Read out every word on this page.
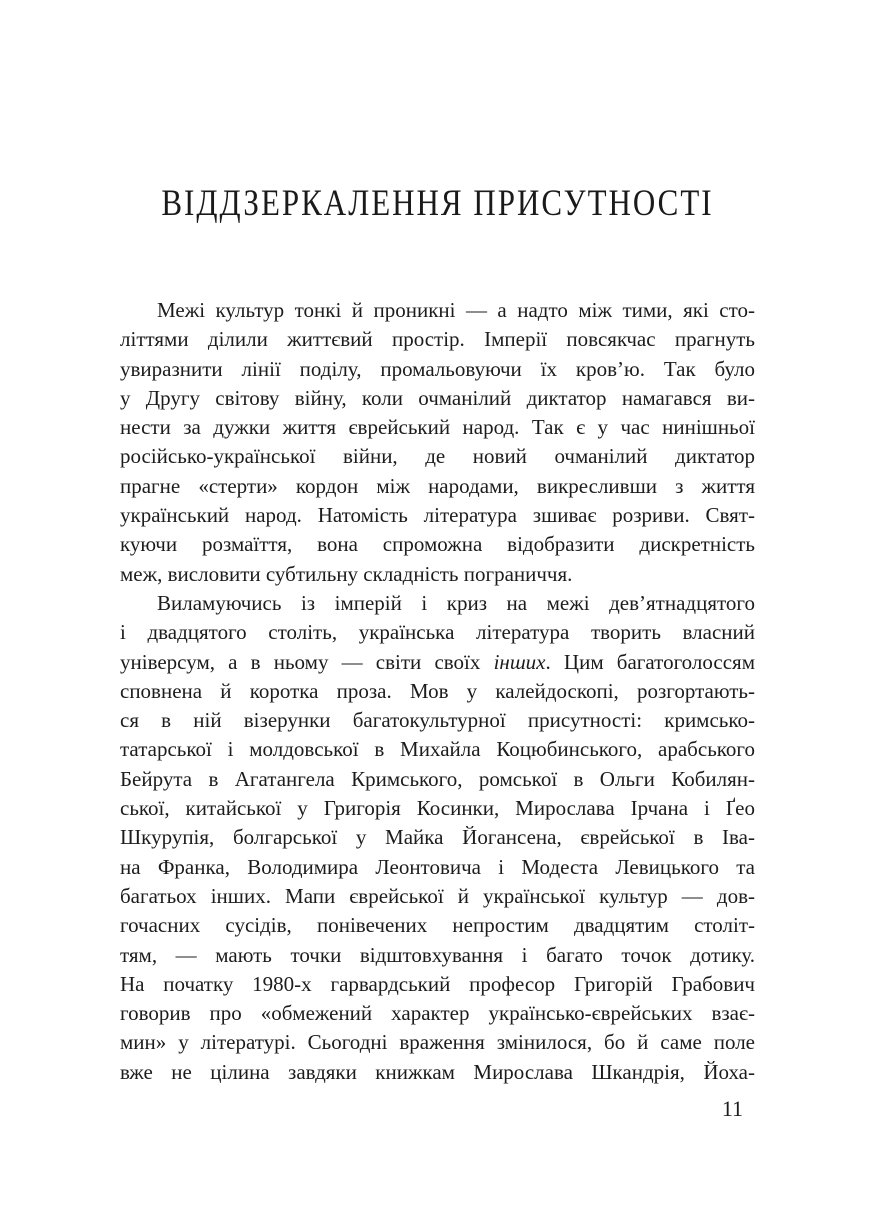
ВІДДЗЕРКАЛЕННЯ ПРИСУТНОСТІ
Межі культур тонкі й проникні — а надто між тими, які сто-
літтями ділили життєвий простір. Імперії повсякчас прагнуть
увиразнити лінії поділу, промальовуючи їх кров’ю. Так було
у Другу світову війну, коли очманілий диктатор намагався ви-
нести за дужки життя єврейський народ. Так є у час нинішньої
російсько-української війни, де новий очманілий диктатор
прагне «стерти» кордон між народами, викресливши з життя
український народ. Натомість література зшиває розриви. Свят-
куючи розмаїття, вона спроможна відобразити дискретність
меж, висловити субтильну складність пограниччя.
Виламуючись із імперій і криз на межі дев’ятнадцятого
і двадцятого століть, українська література творить власний
універсум, а в ньому — світи своїх інших. Цим багатоголоссям
сповнена й коротка проза. Мов у калейдоскопі, розгортають-
ся в ній візерунки багатокультурної присутності: кримсько-
татарської і молдовської в Михайла Коцюбинського, арабського
Бейрута в Агатангела Кримського, ромської в Ольги Кобилян-
ської, китайської у Григорія Косинки, Мирослава Ірчана і Ґео
Шкурупія, болгарської у Майка Йогансена, єврейської в Іва-
на Франка, Володимира Леонтовича і Модеста Левицького та
багатьох інших. Мапи єврейської й української культур — дов-
гочасних сусідів, понівечених непростим двадцятим століт-
тям, — мають точки відштовхування і багато точок дотику.
На початку 1980-х гарвардський професор Григорій Грабович
говорив про «обмежений характер українсько-єврейських взає-
мин» у літературі. Сьогодні враження змінилося, бо й саме поле
вже не цілина завдяки книжкам Мирослава Шкандрія, Йоха-
11
